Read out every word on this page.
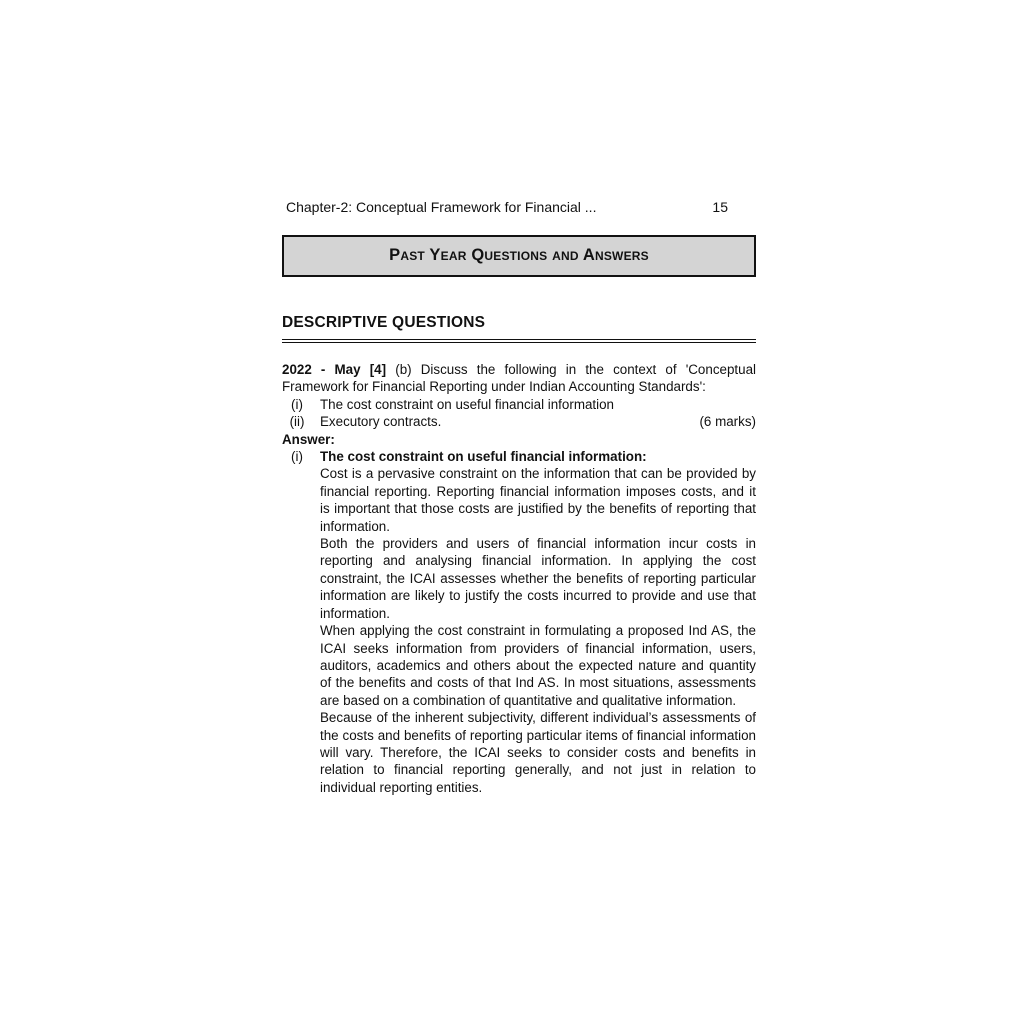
Chapter-2: Conceptual Framework for Financial ...	15
Past Year Questions and Answers
DESCRIPTIVE QUESTIONS
2022 - May [4] (b) Discuss the following in the context of 'Conceptual Framework for Financial Reporting under Indian Accounting Standards':
(i)	The cost constraint on useful financial information
(ii)	Executory contracts.	(6 marks)
Answer:
(i)	The cost constraint on useful financial information:

Cost is a pervasive constraint on the information that can be provided by financial reporting. Reporting financial information imposes costs, and it is important that those costs are justified by the benefits of reporting that information.

Both the providers and users of financial information incur costs in reporting and analysing financial information. In applying the cost constraint, the ICAI assesses whether the benefits of reporting particular information are likely to justify the costs incurred to provide and use that information.

When applying the cost constraint in formulating a proposed Ind AS, the ICAI seeks information from providers of financial information, users, auditors, academics and others about the expected nature and quantity of the benefits and costs of that Ind AS. In most situations, assessments are based on a combination of quantitative and qualitative information.

Because of the inherent subjectivity, different individual’s assessments of the costs and benefits of reporting particular items of financial information will vary. Therefore, the ICAI seeks to consider costs and benefits in relation to financial reporting generally, and not just in relation to individual reporting entities.
